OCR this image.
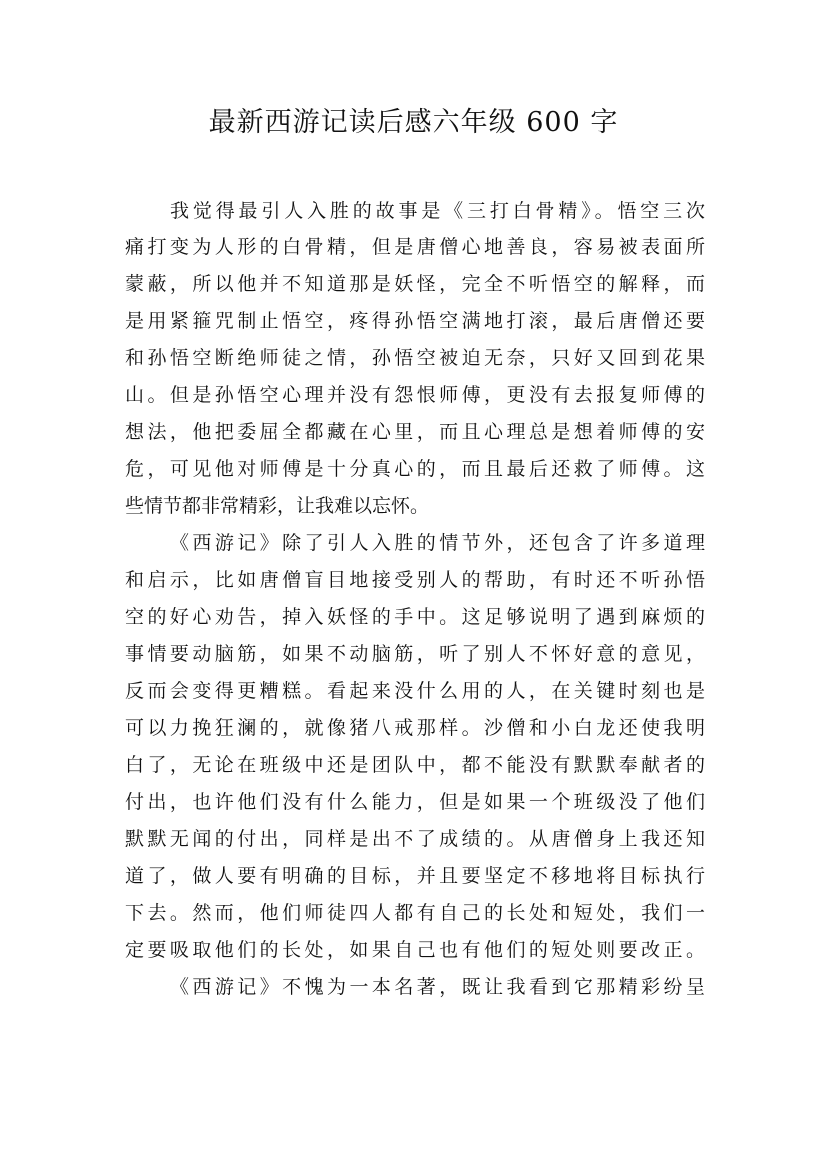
最新西游记读后感六年级 600 字
我觉得最引人入胜的故事是《三打白骨精》。悟空三次
痛打变为人形的白骨精，但是唐僧心地善良，容易被表面所
蒙蔽，所以他并不知道那是妖怪，完全不听悟空的解释，而
是用紧箍咒制止悟空，疼得孙悟空满地打滚，最后唐僧还要
和孙悟空断绝师徒之情，孙悟空被迫无奈，只好又回到花果
山。但是孙悟空心理并没有怨恨师傅，更没有去报复师傅的
想法，他把委屈全都藏在心里，而且心理总是想着师傅的安
危，可见他对师傅是十分真心的，而且最后还救了师傅。这
些情节都非常精彩，让我难以忘怀。
《西游记》除了引人入胜的情节外，还包含了许多道理
和启示，比如唐僧盲目地接受别人的帮助，有时还不听孙悟
空的好心劝告，掉入妖怪的手中。这足够说明了遇到麻烦的
事情要动脑筋，如果不动脑筋，听了别人不怀好意的意见，
反而会变得更糟糕。看起来没什么用的人，在关键时刻也是
可以力挽狂澜的，就像猪八戒那样。沙僧和小白龙还使我明
白了，无论在班级中还是团队中，都不能没有默默奉献者的
付出，也许他们没有什么能力，但是如果一个班级没了他们
默默无闻的付出，同样是出不了成绩的。从唐僧身上我还知
道了，做人要有明确的目标，并且要坚定不移地将目标执行
下去。然而，他们师徒四人都有自己的长处和短处，我们一
定要吸取他们的长处，如果自己也有他们的短处则要改正。
《西游记》不愧为一本名著，既让我看到它那精彩纷呈
